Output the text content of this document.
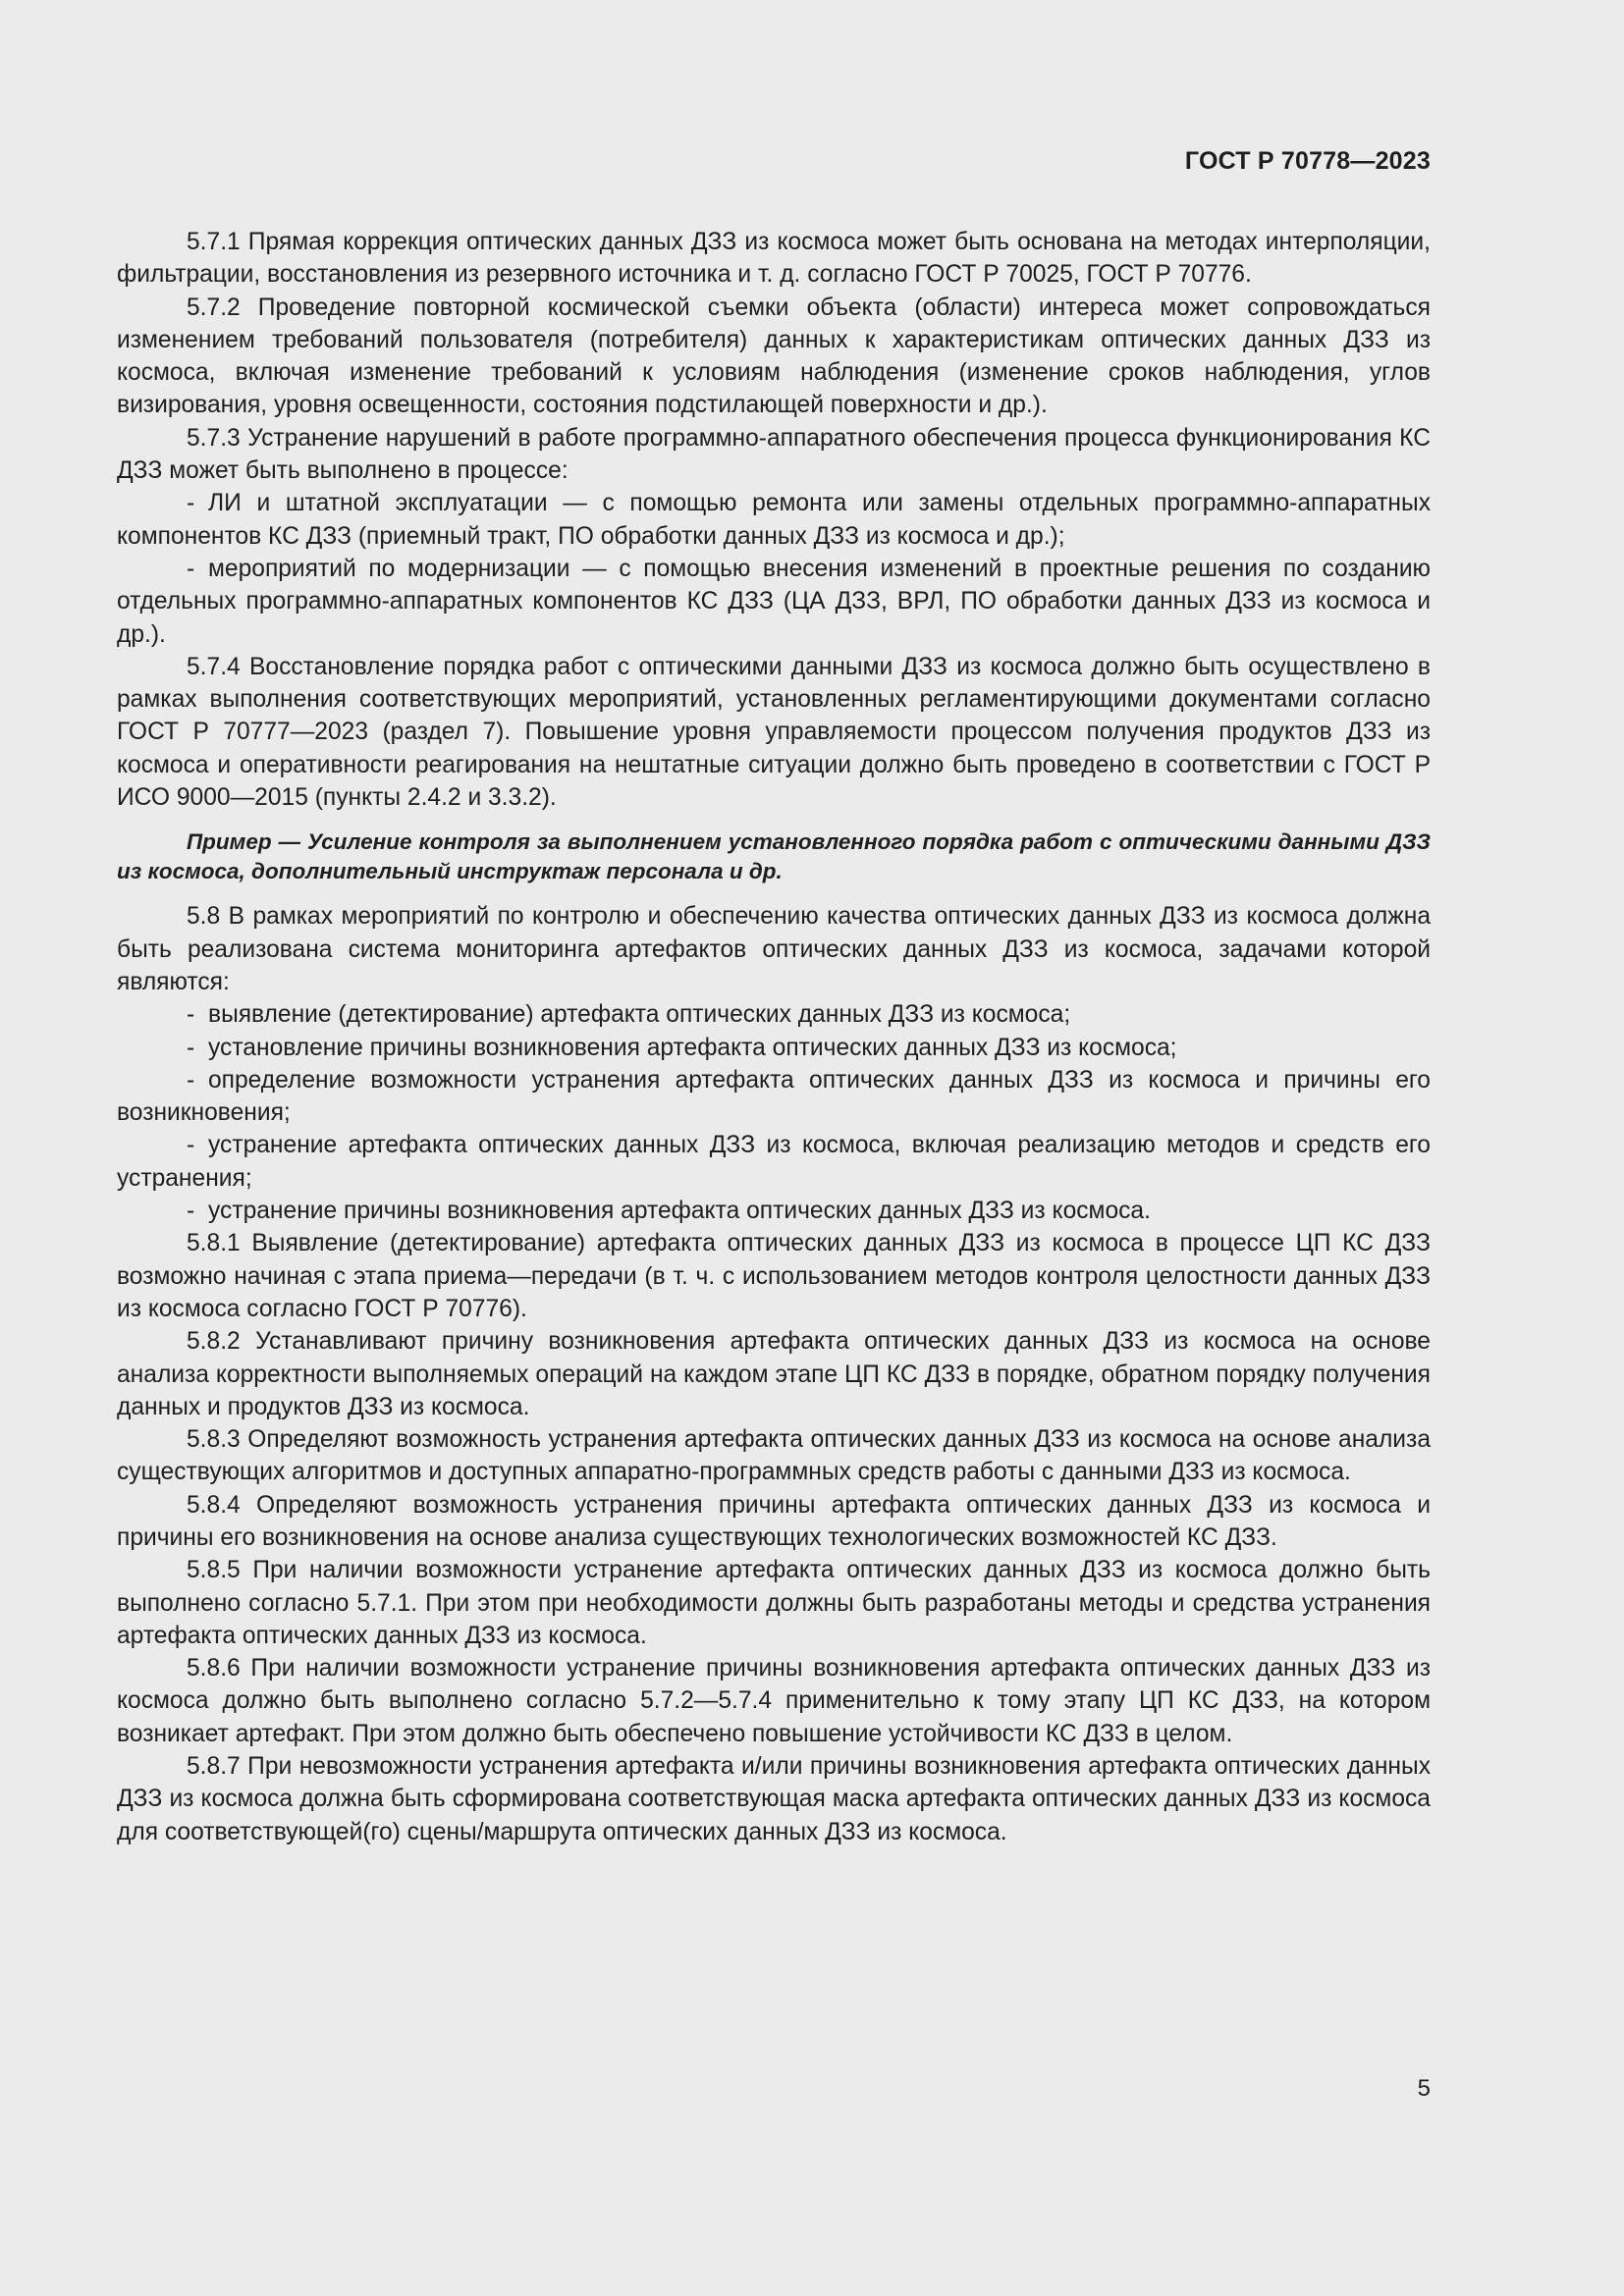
ГОСТ Р 70778—2023

5.7.1 Прямая коррекция оптических данных ДЗЗ из космоса может быть основана на методах интерполяции, фильтрации, восстановления из резервного источника и т. д. согласно ГОСТ Р 70025, ГОСТ Р 70776.

5.7.2 Проведение повторной космической съемки объекта (области) интереса может сопровождаться изменением требований пользователя (потребителя) данных к характеристикам оптических данных ДЗЗ из космоса, включая изменение требований к условиям наблюдения (изменение сроков наблюдения, углов визирования, уровня освещенности, состояния подстилающей поверхности и др.).

5.7.3 Устранение нарушений в работе программно-аппаратного обеспечения процесса функционирования КС ДЗЗ может быть выполнено в процессе:

- ЛИ и штатной эксплуатации — с помощью ремонта или замены отдельных программно-аппаратных компонентов КС ДЗЗ (приемный тракт, ПО обработки данных ДЗЗ из космоса и др.);

- мероприятий по модернизации — с помощью внесения изменений в проектные решения по созданию отдельных программно-аппаратных компонентов КС ДЗЗ (ЦА ДЗЗ, ВРЛ, ПО обработки данных ДЗЗ из космоса и др.).

5.7.4 Восстановление порядка работ с оптическими данными ДЗЗ из космоса должно быть осуществлено в рамках выполнения соответствующих мероприятий, установленных регламентирующими документами согласно ГОСТ Р 70777—2023 (раздел 7). Повышение уровня управляемости процессом получения продуктов ДЗЗ из космоса и оперативности реагирования на нештатные ситуации должно быть проведено в соответствии с ГОСТ Р ИСО 9000—2015 (пункты 2.4.2 и 3.3.2).

Пример — Усиление контроля за выполнением установленного порядка работ с оптическими данными ДЗЗ из космоса, дополнительный инструктаж персонала и др.

5.8 В рамках мероприятий по контролю и обеспечению качества оптических данных ДЗЗ из космоса должна быть реализована система мониторинга артефактов оптических данных ДЗЗ из космоса, задачами которой являются:

- выявление (детектирование) артефакта оптических данных ДЗЗ из космоса;

- установление причины возникновения артефакта оптических данных ДЗЗ из космоса;

- определение возможности устранения артефакта оптических данных ДЗЗ из космоса и причины его возникновения;

- устранение артефакта оптических данных ДЗЗ из космоса, включая реализацию методов и средств его устранения;

- устранение причины возникновения артефакта оптических данных ДЗЗ из космоса.

5.8.1 Выявление (детектирование) артефакта оптических данных ДЗЗ из космоса в процессе ЦП КС ДЗЗ возможно начиная с этапа приема—передачи (в т. ч. с использованием методов контроля целостности данных ДЗЗ из космоса согласно ГОСТ Р 70776).

5.8.2 Устанавливают причину возникновения артефакта оптических данных ДЗЗ из космоса на основе анализа корректности выполняемых операций на каждом этапе ЦП КС ДЗЗ в порядке, обратном порядку получения данных и продуктов ДЗЗ из космоса.

5.8.3 Определяют возможность устранения артефакта оптических данных ДЗЗ из космоса на основе анализа существующих алгоритмов и доступных аппаратно-программных средств работы с данными ДЗЗ из космоса.

5.8.4 Определяют возможность устранения причины артефакта оптических данных ДЗЗ из космоса и причины его возникновения на основе анализа существующих технологических возможностей КС ДЗЗ.

5.8.5 При наличии возможности устранение артефакта оптических данных ДЗЗ из космоса должно быть выполнено согласно 5.7.1. При этом при необходимости должны быть разработаны методы и средства устранения артефакта оптических данных ДЗЗ из космоса.

5.8.6 При наличии возможности устранение причины возникновения артефакта оптических данных ДЗЗ из космоса должно быть выполнено согласно 5.7.2—5.7.4 применительно к тому этапу ЦП КС ДЗЗ, на котором возникает артефакт. При этом должно быть обеспечено повышение устойчивости КС ДЗЗ в целом.

5.8.7 При невозможности устранения артефакта и/или причины возникновения артефакта оптических данных ДЗЗ из космоса должна быть сформирована соответствующая маска артефакта оптических данных ДЗЗ из космоса для соответствующей(го) сцены/маршрута оптических данных ДЗЗ из космоса.

5
